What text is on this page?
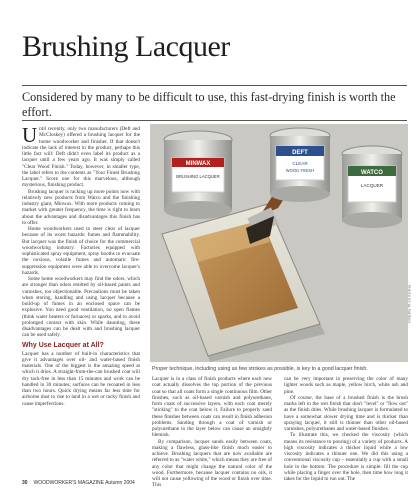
Brushing Lacquer
Considered by many to be difficult to use, this fast-drying finish is worth the effort.

Until recently, only two manufacturers (Deft and McCloskey) offered a brushing lacquer for the home woodworker and finisher. If that doesn't indicate the lack of interest in the product, perhaps this little fact will: Deft didn't even label its product as a lacquer until a few years ago. It was simply called "Clear Wood Finish." Today, however, in smaller type, the label refers to the contents as "Your Finest Brushing Lacquer." Score one for this marvelous, although mysterious, finishing product.

Brushing lacquer is racking up more points now with relatively new products from Watco and the finishing industry giant, Minwax. With more products coming to market with greater frequency, the time is right to learn about the advantages and disadvantages this finish has to offer.

Home woodworkers used to steer clear of lacquer because of its worst hazards: fumes and flammability. But lacquer was the finish of choice for the commercial woodworking industry. Factories equipped with sophisticated spray equipment, spray booths to evacuate the noxious, volatile fumes and automatic fire-suppression equipment were able to overcome lacquer's hazards.

Some home woodworkers may find the odors, which are stronger than odors emitted by oil-based paints and varnishes, too objectionable. Precautions must be taken when storing, handling and using lacquer because a build-up of fumes in an enclosed space can be explosive. You need good ventilation, no open flames (think water heaters or furnaces) or sparks, and to avoid prolonged contact with skin. While daunting, these disadvantages can be dealt with and brushing lacquer can be used safely.

Why Use Lacquer at All?

Lacquer has a number of built-in characteristics that give it advantages over oil- and water-based finish materials. One of the biggest is the amazing speed at which it dries. A straight-from-the-can brushed coat will dry tack-free in less than 15 minutes and work can be handled in 30 minutes; surfaces can be recoated in less than two hours. Quick drying means far less time for airborne dust to rise to land in a wet or tacky finish and cause imperfections.

MINWAX
BRUSHING LACQUER
DEFT
CLEAR
WOOD FINISH	WATCO
LACQUER
PHOTO BY AL PAREKH
Proper technique, including using as few strokes as possible, is key to a good lacquer finish.

Lacquer is in a class of finish products where each new coat actually dissolves the top portion of the previous coat so that all coats form a single continuous film. Other finishes, such as oil-based varnish and polyurethane, form coats of successive layers, with each coat merely "sticking" to the coat below it. Failure to properly sand these finishes between coats can result in finish adhesion problems. Sanding through a coat of varnish or polyurethane to the layer below can cause an unsightly blemish.

By comparison, lacquer sands easily between coats, making a flawless, glass-like finish much easier to achieve. Brushing lacquers that are now available are referred to as "water white," which means they are free of any color that might change the natural color of the wood. Furthermore, because lacquer contains no oils, it will not cause yellowing of the wood or finish over time. This

can be very important in preserving the color of many lighter woods such as maple, yellow birch, white ash and pine.

Of course, the base of a brushed finish is the brush marks left in the wet finish that don't "level" or "flow out" as the finish dries. While brushing lacquer is formulated to have a somewhat slower drying time and is thicker than spraying lacquer, it still is thinner than other oil-based varnishes, polyurethanes and water-based finishes.

To illustrate this, we checked the viscosity (which means its resistance to pouring) of a variety of products. A high viscosity indicates a thicker liquid while a low viscosity indicates a thinner one. We did this using a conventional viscosity cup – essentially a cup with a small hole in the bottom. The procedure is simple: fill the cup while placing a finger over the hole, then time how long it takes for the liquid to run out. The

30 WOODWORKER'S MAGAZINE Autumn 2004
